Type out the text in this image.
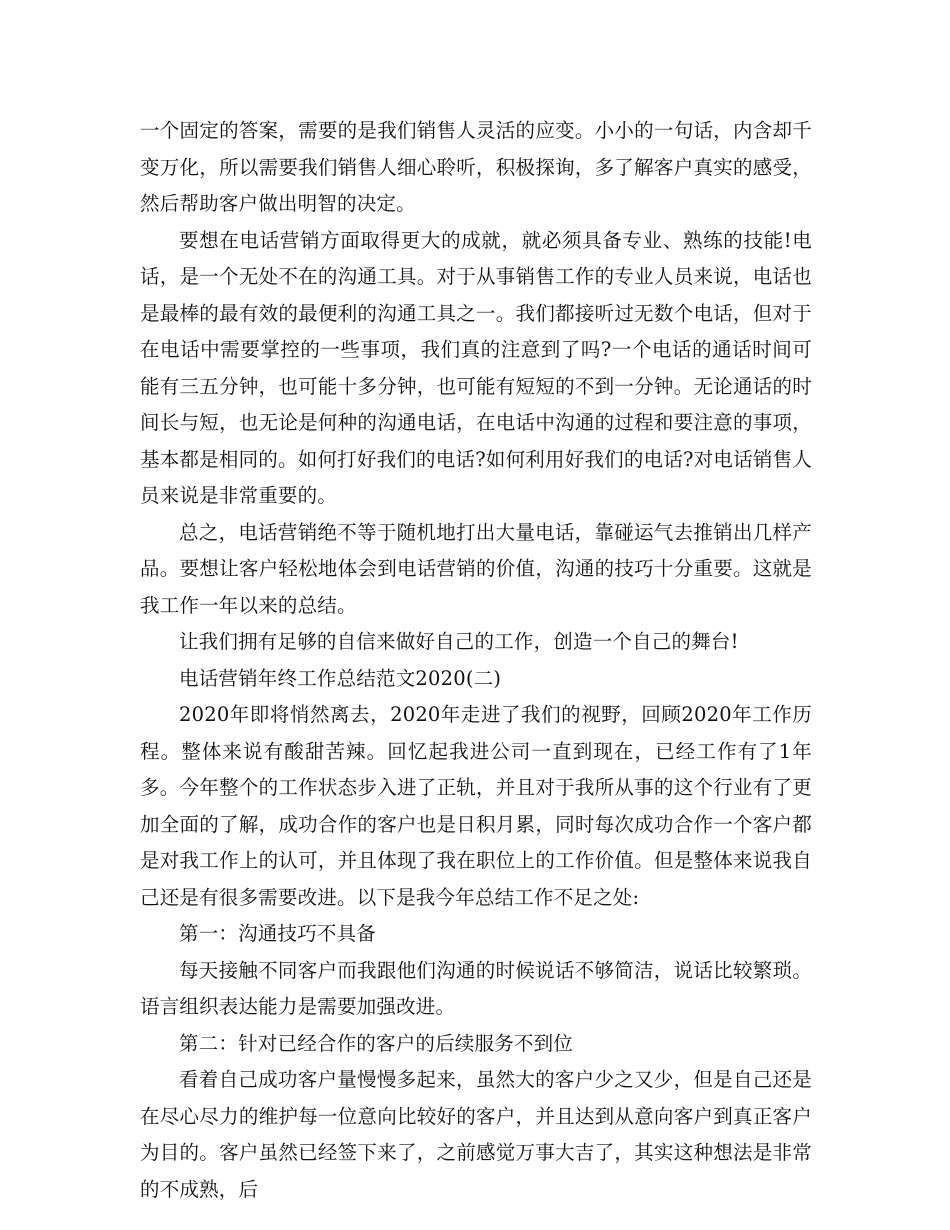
一个固定的答案，需要的是我们销售人灵活的应变。小小的一句话，内含却千变万化，所以需要我们销售人细心聆听，积极探询，多了解客户真实的感受，然后帮助客户做出明智的决定。

要想在电话营销方面取得更大的成就，就必须具备专业、熟练的技能!电话，是一个无处不在的沟通工具。对于从事销售工作的专业人员来说，电话也是最棒的最有效的最便利的沟通工具之一。我们都接听过无数个电话，但对于在电话中需要掌控的一些事项，我们真的注意到了吗?一个电话的通话时间可能有三五分钟，也可能十多分钟，也可能有短短的不到一分钟。无论通话的时间长与短，也无论是何种的沟通电话，在电话中沟通的过程和要注意的事项，基本都是相同的。如何打好我们的电话?如何利用好我们的电话?对电话销售人员来说是非常重要的。

总之，电话营销绝不等于随机地打出大量电话，靠碰运气去推销出几样产品。要想让客户轻松地体会到电话营销的价值，沟通的技巧十分重要。这就是我工作一年以来的总结。

让我们拥有足够的自信来做好自己的工作，创造一个自己的舞台!

电话营销年终工作总结范文2020(二)

2020年即将悄然离去，2020年走进了我们的视野，回顾2020年工作历程。整体来说有酸甜苦辣。回忆起我进公司一直到现在，已经工作有了1年多。今年整个的工作状态步入进了正轨，并且对于我所从事的这个行业有了更加全面的了解，成功合作的客户也是日积月累，同时每次成功合作一个客户都是对我工作上的认可，并且体现了我在职位上的工作价值。但是整体来说我自己还是有很多需要改进。以下是我今年总结工作不足之处:

第一：沟通技巧不具备

每天接触不同客户而我跟他们沟通的时候说话不够简洁，说话比较繁琐。语言组织表达能力是需要加强改进。

第二：针对已经合作的客户的后续服务不到位

看着自己成功客户量慢慢多起来，虽然大的客户少之又少，但是自己还是在尽心尽力的维护每一位意向比较好的客户，并且达到从意向客户到真正客户为目的。客户虽然已经签下来了，之前感觉万事大吉了，其实这种想法是非常的不成熟，后
